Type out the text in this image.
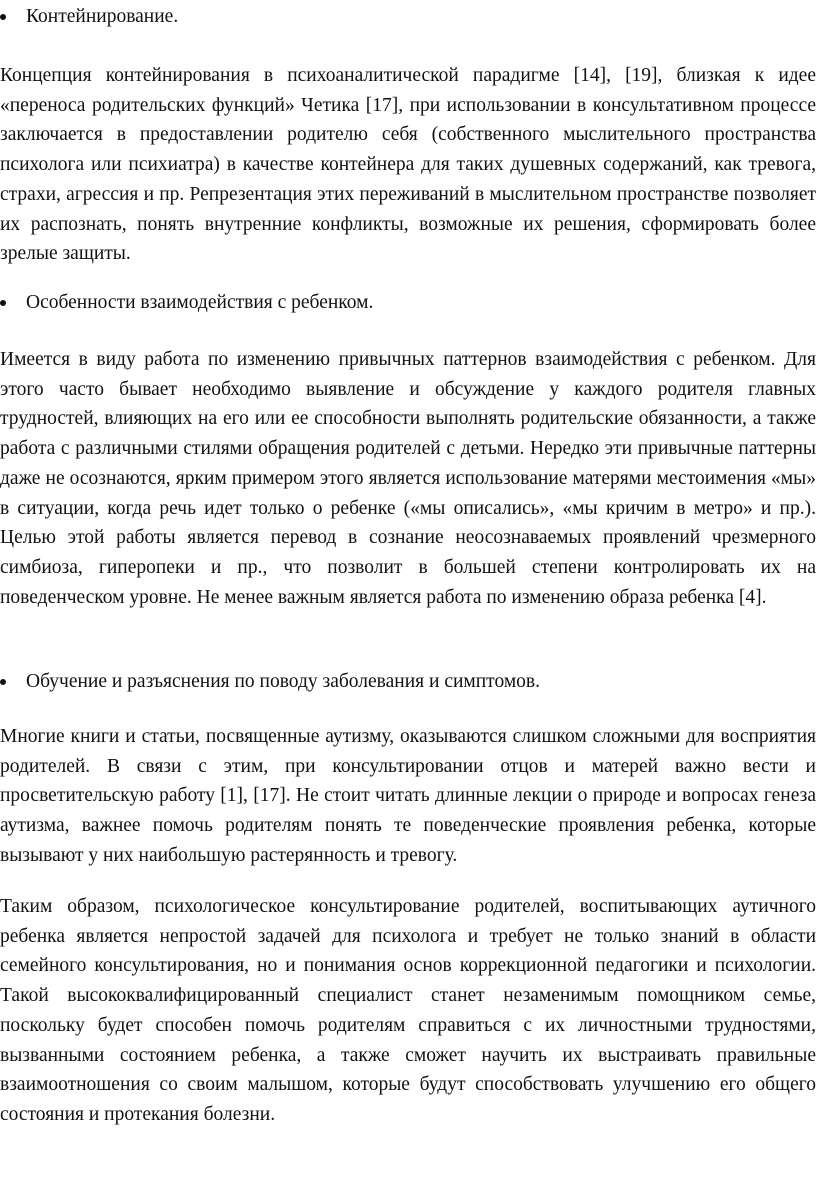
Контейнирование.

Концепция контейнирования в психоаналитической парадигме [14], [19], близкая к идее «переноса родительских функций» Четика [17], при использовании в консультативном процессе заключается в предоставлении родителю себя (собственного мыслительного пространства психолога или психиатра) в качестве контейнера для таких душевных содержаний, как тревога, страхи, агрессия и пр. Репрезентация этих переживаний в мыслительном пространстве позволяет их распознать, понять внутренние конфликты, возможные их решения, сформировать более зрелые защиты.

Особенности взаимодействия с ребенком.

Имеется в виду работа по изменению привычных паттернов взаимодействия с ребенком. Для этого часто бывает необходимо выявление и обсуждение у каждого родителя главных трудностей, влияющих на его или ее способности выполнять родительские обязанности, а также работа с различными стилями обращения родителей с детьми. Нередко эти привычные паттерны даже не осознаются, ярким примером этого является использование матерями местоимения «мы» в ситуации, когда речь идет только о ребенке («мы описались», «мы кричим в метро» и пр.). Целью этой работы является перевод в сознание неосознаваемых проявлений чрезмерного симбиоза, гиперопеки и пр., что позволит в большей степени контролировать их на поведенческом уровне. Не менее важным является работа по изменению образа ребенка [4].

Обучение и разъяснения по поводу заболевания и симптомов.

Многие книги и статьи, посвященные аутизму, оказываются слишком сложными для восприятия родителей. В связи с этим, при консультировании отцов и матерей важно вести и просветительскую работу [1], [17]. Не стоит читать длинные лекции о природе и вопросах генеза аутизма, важнее помочь родителям понять те поведенческие проявления ребенка, которые вызывают у них наибольшую растерянность и тревогу.

Таким образом, психологическое консультирование родителей, воспитывающих аутичного ребенка является непростой задачей для психолога и требует не только знаний в области семейного консультирования, но и понимания основ коррекционной педагогики и психологии. Такой высококвалифицированный специалист станет незаменимым помощником семье, поскольку будет способен помочь родителям справиться с их личностными трудностями, вызванными состоянием ребенка, а также сможет научить их выстраивать правильные взаимоотношения со своим малышом, которые будут способствовать улучшению его общего состояния и протекания болезни.
